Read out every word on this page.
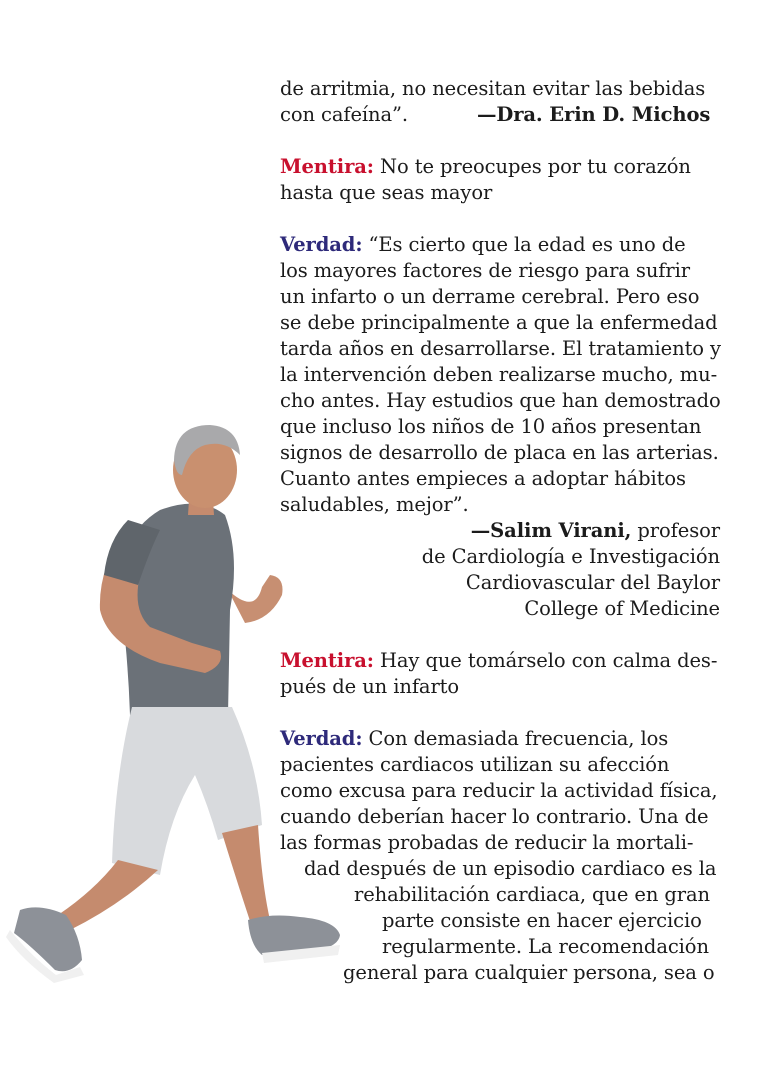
de arritmia, no necesitan evitar las bebidas
con cafeína”.	—Dra. Erin D. Michos
Mentira: No te preocupes por tu corazón
hasta que seas mayor
Verdad: “Es cierto que la edad es uno de
los mayores factores de riesgo para sufrir
un infarto o un derrame cerebral. Pero eso
se debe principalmente a que la enfermedad
tarda años en desarrollarse. El tratamiento y
la intervención deben realizarse mucho, mu-
cho antes. Hay estudios que han demostrado
que incluso los niños de 10 años presentan
signos de desarrollo de placa en las arterias.
Cuanto antes empieces a adoptar hábitos
saludables, mejor”.
—Salim Virani, profesor
de Cardiología e Investigación
Cardiovascular del Baylor
College of Medicine
Mentira: Hay que tomárselo con calma des-
pués de un infarto
Verdad: Con demasiada frecuencia, los
pacientes cardiacos utilizan su afección
como excusa para reducir la actividad física,
cuando deberían hacer lo contrario. Una de
las formas probadas de reducir la mortali-
dad después de un episodio cardiaco es la
rehabilitación cardiaca, que en gran
parte consiste en hacer ejercicio
regularmente. La recomendación
general para cualquier persona, sea o
